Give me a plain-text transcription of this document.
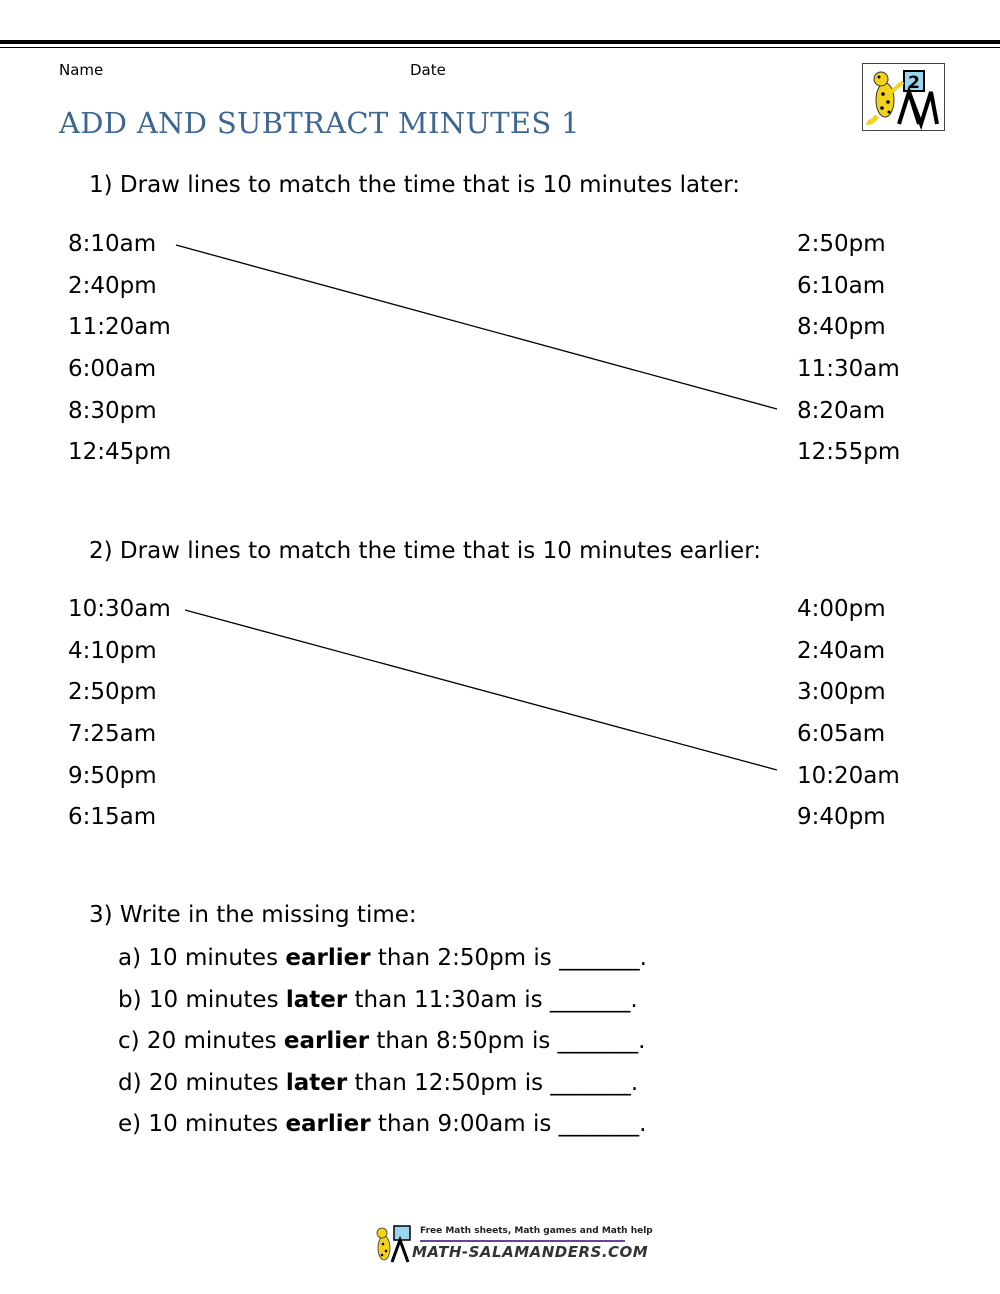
Name	Date
2
ADD AND SUBTRACT MINUTES 1
1) Draw lines to match the time that is 10 minutes later:
8:10am
2:40pm
11:20am
6:00am
8:30pm
12:45pm
2:50pm
6:10am
8:40pm
11:30am
8:20am
12:55pm
2) Draw lines to match the time that is 10 minutes earlier:
10:30am
4:10pm
2:50pm
7:25am
9:50pm
6:15am
4:00pm
2:40am
3:00pm
6:05am
10:20am
9:40pm
3) Write in the missing time:
a) 10 minutes earlier than 2:50pm is _______.
b) 10 minutes later than 11:30am is _______.
c) 20 minutes earlier than 8:50pm is _______.
d) 20 minutes later than 12:50pm is _______.
e) 10 minutes earlier than 9:00am is _______.
Free Math sheets, Math games and Math help
MATH-SALAMANDERS.COM
